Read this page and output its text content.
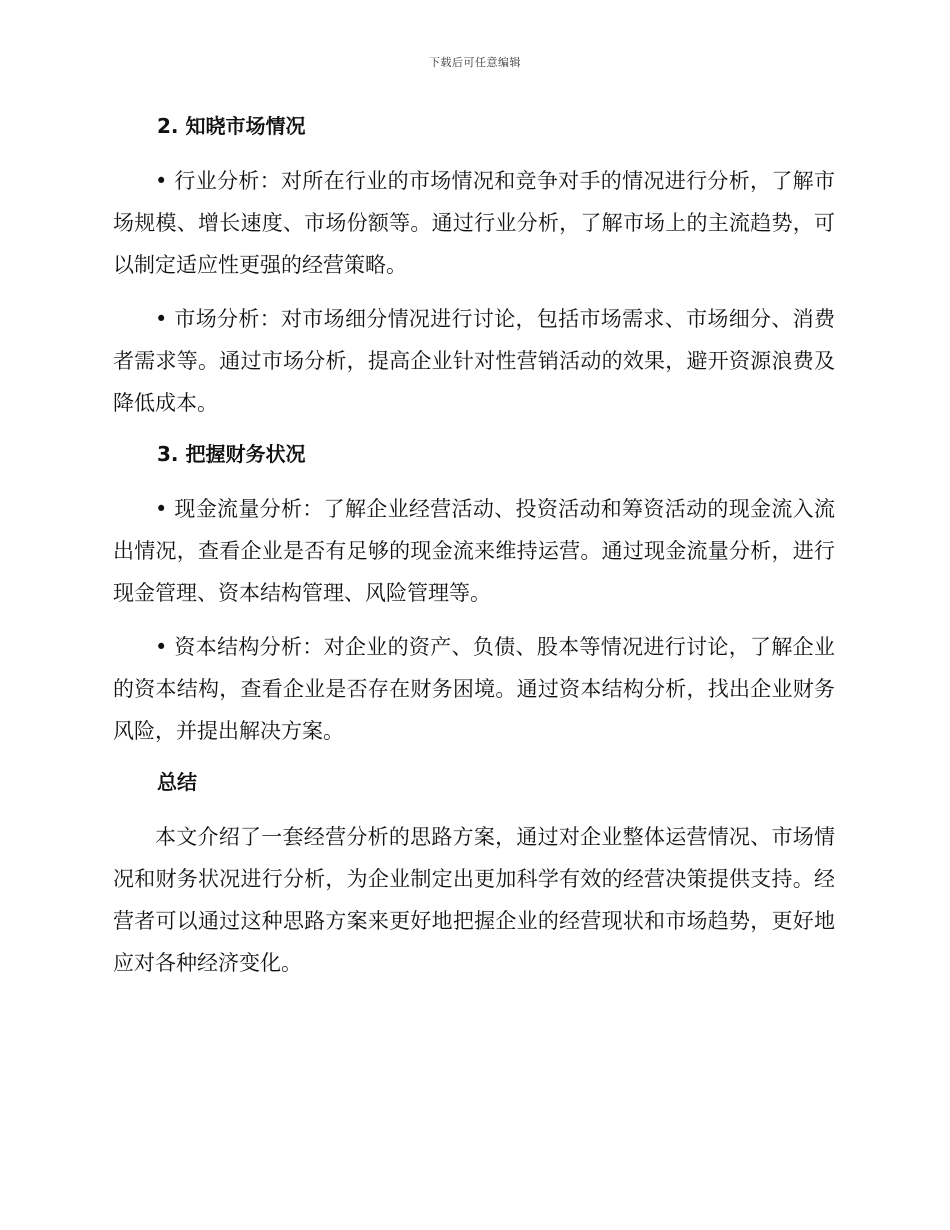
下载后可任意编辑
2. 知晓市场情况

• 行业分析：对所在行业的市场情况和竞争对手的情况进行分析，了解市场规模、增长速度、市场份额等。通过行业分析，了解市场上的主流趋势，可以制定适应性更强的经营策略。

• 市场分析：对市场细分情况进行讨论，包括市场需求、市场细分、消费者需求等。通过市场分析，提高企业针对性营销活动的效果，避开资源浪费及降低成本。

3. 把握财务状况

• 现金流量分析：了解企业经营活动、投资活动和筹资活动的现金流入流出情况，查看企业是否有足够的现金流来维持运营。通过现金流量分析，进行现金管理、资本结构管理、风险管理等。

• 资本结构分析：对企业的资产、负债、股本等情况进行讨论，了解企业的资本结构，查看企业是否存在财务困境。通过资本结构分析，找出企业财务风险，并提出解决方案。

总结

本文介绍了一套经营分析的思路方案，通过对企业整体运营情况、市场情况和财务状况进行分析，为企业制定出更加科学有效的经营决策提供支持。经营者可以通过这种思路方案来更好地把握企业的经营现状和市场趋势，更好地应对各种经济变化。
